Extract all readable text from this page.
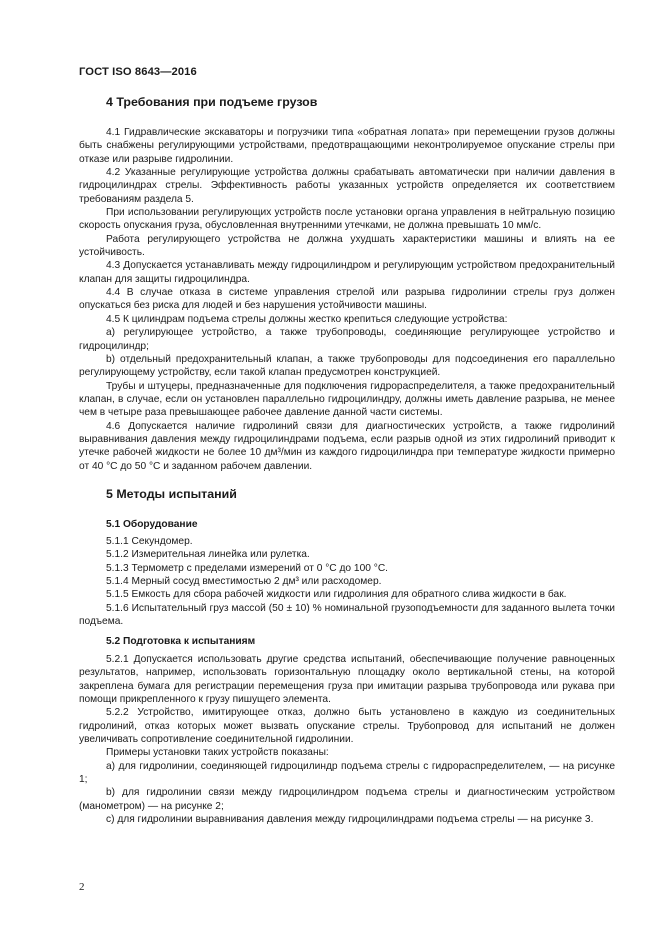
ГОСТ ISO 8643—2016
4 Требования при подъеме грузов

4.1 Гидравлические экскаваторы и погрузчики типа «обратная лопата» при перемещении грузов должны быть снабжены регулирующими устройствами, предотвращающими неконтролируемое опускание стрелы при отказе или разрыве гидролинии.

4.2 Указанные регулирующие устройства должны срабатывать автоматически при наличии давления в гидроцилиндрах стрелы. Эффективность работы указанных устройств определяется их соответствием требованиям раздела 5.

При использовании регулирующих устройств после установки органа управления в нейтральную позицию скорость опускания груза, обусловленная внутренними утечками, не должна превышать 10 мм/с.

Работа регулирующего устройства не должна ухудшать характеристики машины и влиять на ее устойчивость.

4.3 Допускается устанавливать между гидроцилиндром и регулирующим устройством предохранительный клапан для защиты гидроцилиндра.

4.4 В случае отказа в системе управления стрелой или разрыва гидролинии стрелы груз должен опускаться без риска для людей и без нарушения устойчивости машины.

4.5 К цилиндрам подъема стрелы должны жестко крепиться следующие устройства:

а) регулирующее устройство, а также трубопроводы, соединяющие регулирующее устройство и гидроцилиндр;

b) отдельный предохранительный клапан, а также трубопроводы для подсоединения его параллельно регулирующему устройству, если такой клапан предусмотрен конструкцией.

Трубы и штуцеры, предназначенные для подключения гидрораспределителя, а также предохранительный клапан, в случае, если он установлен параллельно гидроцилиндру, должны иметь давление разрыва, не менее чем в четыре раза превышающее рабочее давление данной части системы.

4.6 Допускается наличие гидролиний связи для диагностических устройств, а также гидролиний выравнивания давления между гидроцилиндрами подъема, если разрыв одной из этих гидролиний приводит к утечке рабочей жидкости не более 10 дм³/мин из каждого гидроцилиндра при температуре жидкости примерно от 40 °C до 50 °C и заданном рабочем давлении.

5 Методы испытаний
5.1 Оборудование

5.1.1 Секундомер.

5.1.2 Измерительная линейка или рулетка.

5.1.3 Термометр с пределами измерений от 0 °C до 100 °C.

5.1.4 Мерный сосуд вместимостью 2 дм³ или расходомер.

5.1.5 Емкость для сбора рабочей жидкости или гидролиния для обратного слива жидкости в бак.

5.1.6 Испытательный груз массой (50 ± 10) % номинальной грузоподъемности для заданного вылета точки подъема.

5.2 Подготовка к испытаниям

5.2.1 Допускается использовать другие средства испытаний, обеспечивающие получение равноценных результатов, например, использовать горизонтальную площадку около вертикальной стены, на которой закреплена бумага для регистрации перемещения груза при имитации разрыва трубопровода или рукава при помощи прикрепленного к грузу пишущего элемента.

5.2.2 Устройство, имитирующее отказ, должно быть установлено в каждую из соединительных гидролиний, отказ которых может вызвать опускание стрелы. Трубопровод для испытаний не должен увеличивать сопротивление соединительной гидролинии.

Примеры установки таких устройств показаны:

а) для гидролинии, соединяющей гидроцилиндр подъема стрелы с гидрораспределителем, — на рисунке 1;

b) для гидролинии связи между гидроцилиндром подъема стрелы и диагностическим устройством (манометром) — на рисунке 2;

c) для гидролинии выравнивания давления между гидроцилиндрами подъема стрелы — на рисунке 3.

2
